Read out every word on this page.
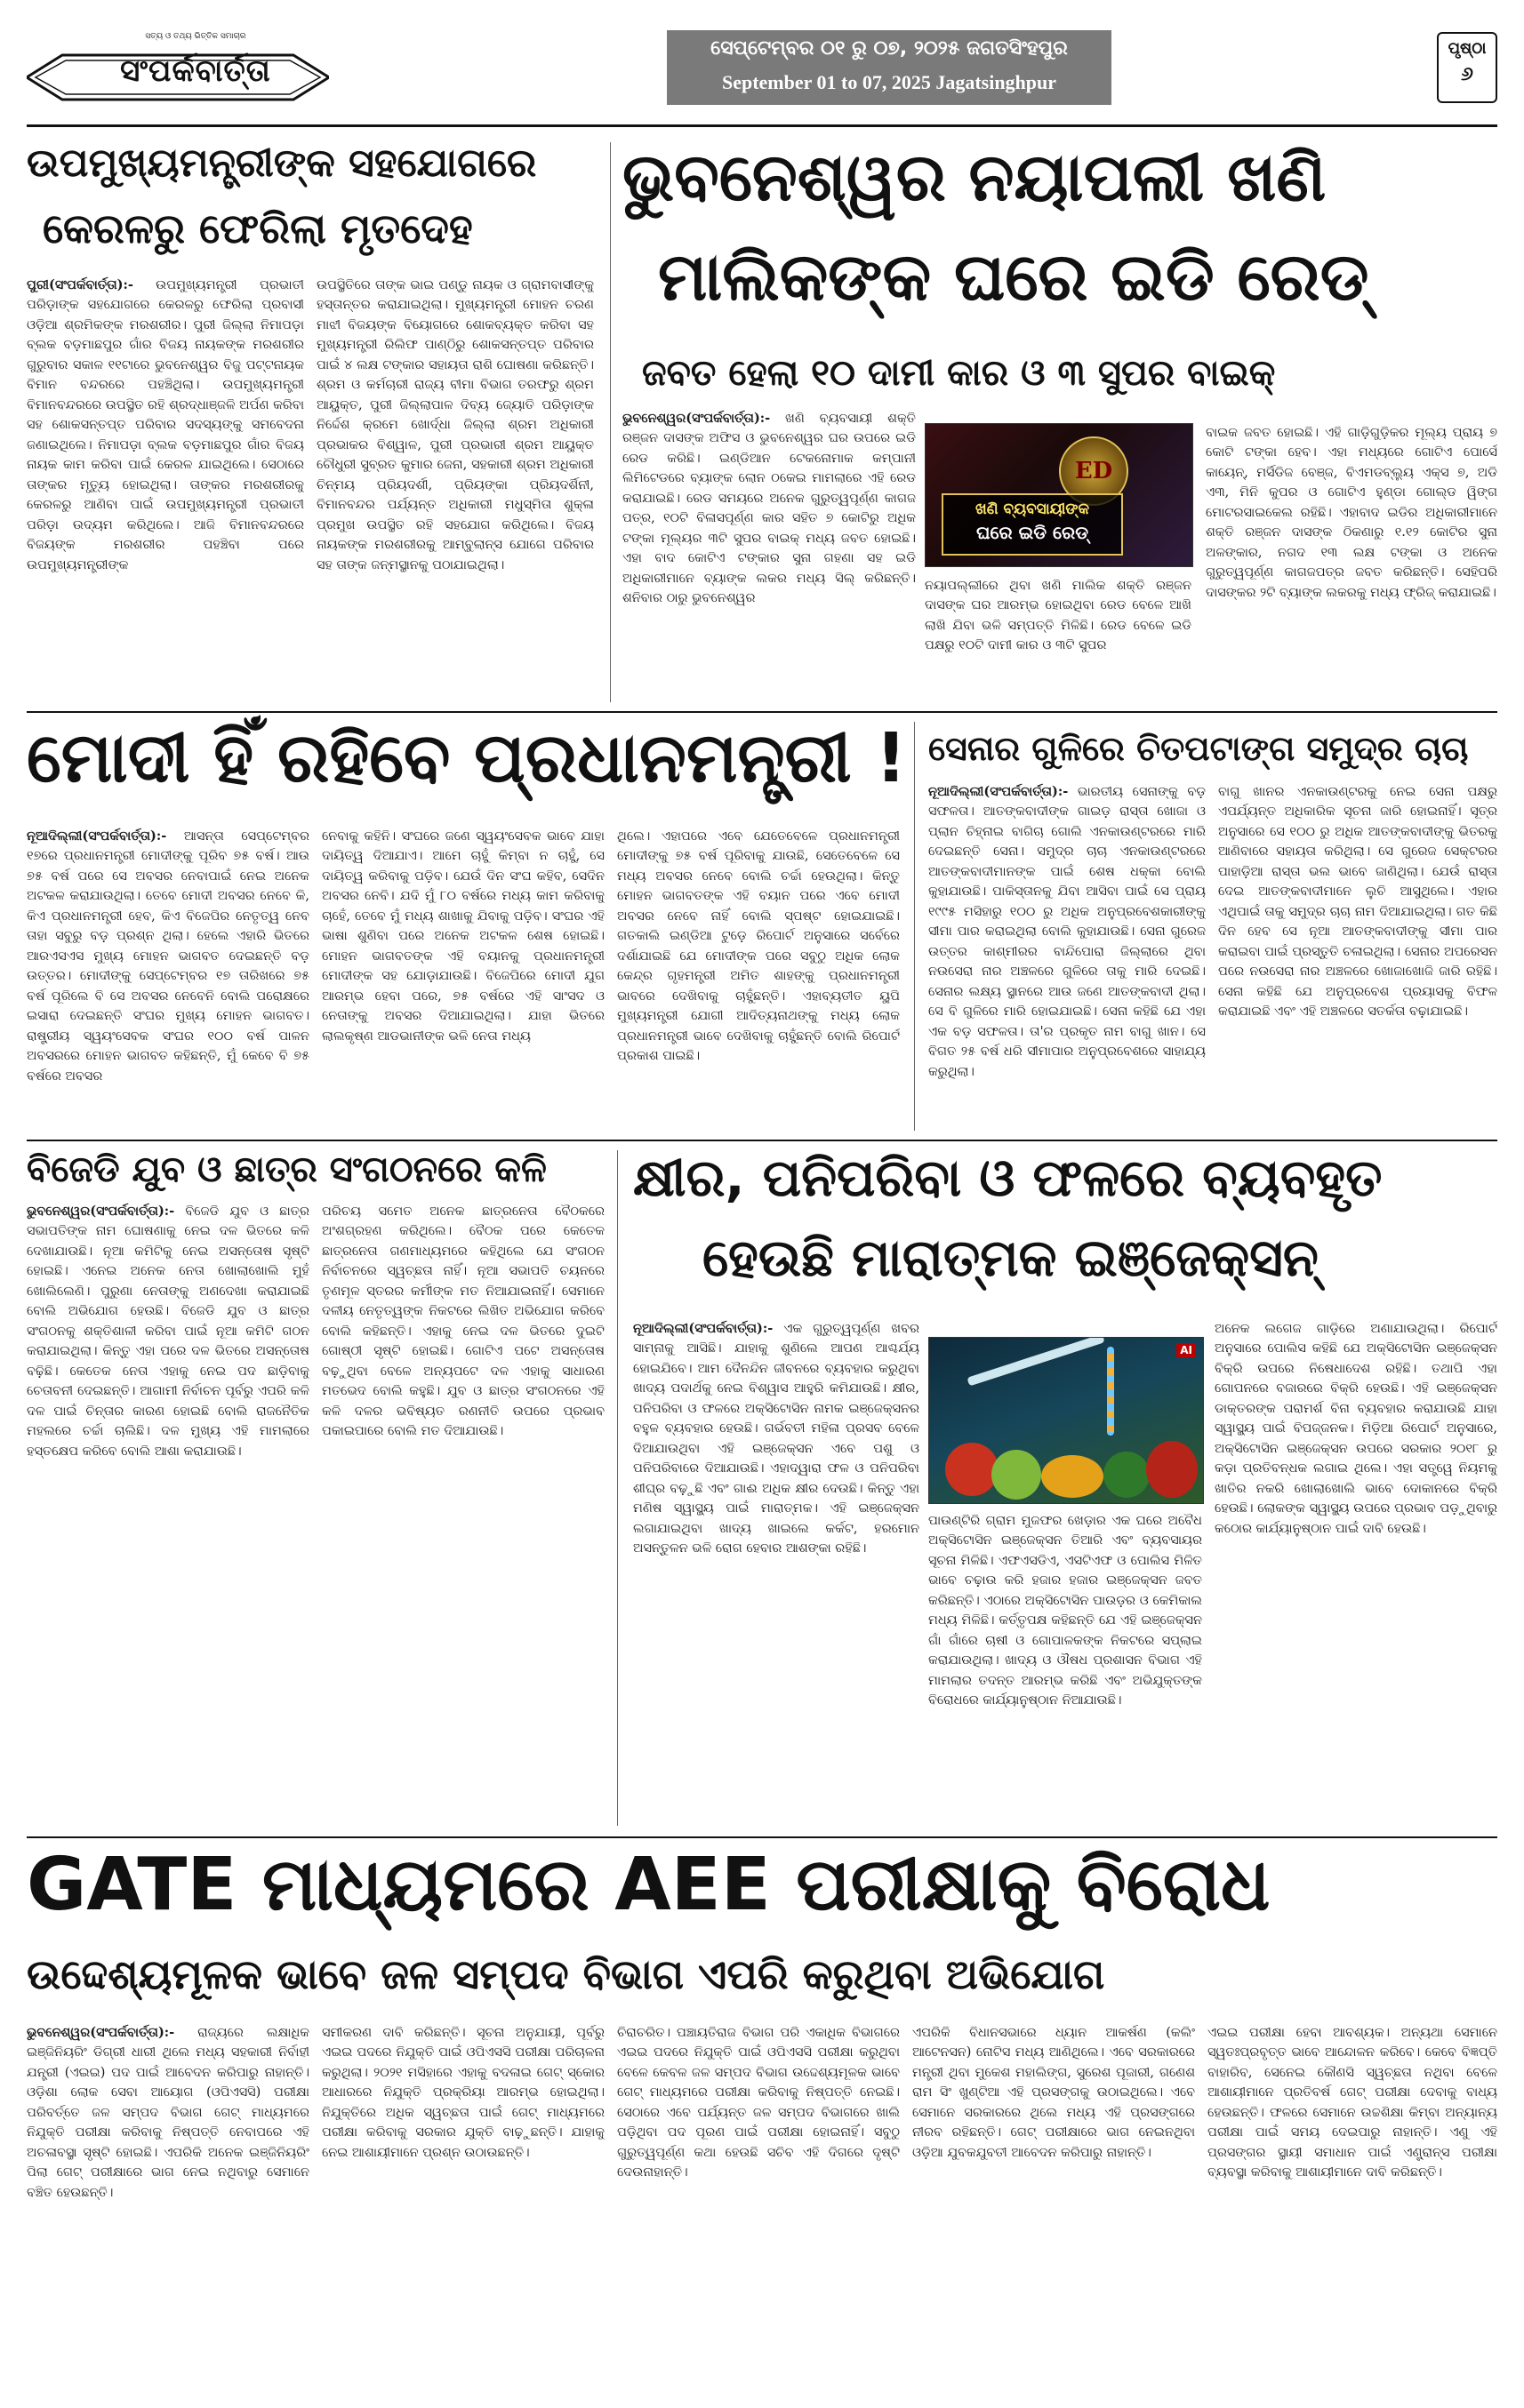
ସତ୍ୟ ଓ ତଥ୍ୟ ଭିତ୍ତିକ ସମାଚାର
ସଂପର୍କବାର୍ତ୍ତା
ସେପ୍ଟେମ୍ବର ୦୧ ରୁ ୦୭, ୨୦୨୫ ଜଗତସିଂହପୁର
September 01 to 07, 2025 Jagatsinghpur
ପୃଷ୍ଠା
୬
ଉପମୁଖ୍ୟମନ୍ତ୍ରୀଙ୍କ ସହଯୋଗରେ
କେରଳରୁ ଫେରିଲା ମୃତଦେହ
ପୁରୀ(ସଂପର୍କବାର୍ତ୍ତା):- ଉପମୁଖ୍ୟମନ୍ତ୍ରୀ ପ୍ରଭାତୀ ପରିଡ଼ାଙ୍କ ସହଯୋଗରେ କେରଳରୁ ଫେରିଲା ପ୍ରବାସୀ ଓଡ଼ିଆ ଶ୍ରମିକଙ୍କ ମରଶରୀର। ପୁରୀ ଜିଲ୍ଲା ନିମାପଡ଼ା ବ୍ଲକ ବଡ଼ମାଛପୁର ଗାଁର ବିଜୟ ନାୟକଙ୍କ ମରଶରୀର ଗୁରୁବାର ସକାଳ ୧୧ଟାରେ ଭୁବନେଶ୍ୱର ବିଜୁ ପଟ୍ଟନାୟକ ବିମାନ ବନ୍ଦରରେ ପହଞ୍ଚିଥିଲା। ଉପମୁଖ୍ୟମନ୍ତ୍ରୀ ବିମାନବନ୍ଦରରେ ଉପସ୍ଥିତ ରହି ଶ୍ରଦ୍ଧାଞ୍ଜଳି ଅର୍ପଣ କରିବା ସହ ଶୋକସନ୍ତପ୍ତ ପରିବାର ସଦସ୍ୟଙ୍କୁ ସମବେଦନା ଜଣାଇଥିଲେ। ନିମାପଡ଼ା ବ୍ଲକ ବଡ଼ମାଛପୁର ଗାଁର ବିଜୟ ନାୟକ କାମ କରିବା ପାଇଁ କେରଳ ଯାଇଥିଲେ। ସେଠାରେ ତାଙ୍କର ମୃତ୍ୟୁ ହୋଇଥିଲା। ତାଙ୍କର ମରଶରୀରକୁ କେରଳରୁ ଆଣିବା ପାଇଁ ଉପମୁଖ୍ୟମନ୍ତ୍ରୀ ପ୍ରଭାତୀ ପରିଡ଼ା ଉଦ୍ୟମ କରିଥିଲେ। ଆଜି ବିମାନବନ୍ଦରରେ ବିଜୟଙ୍କ ମରଶରୀର ପହଞ୍ଚିବା ପରେ ଉପମୁଖ୍ୟମନ୍ତ୍ରୀଙ୍କ
ଉପସ୍ଥିତିରେ ତାଙ୍କ ଭାଇ ପଣ୍ଡୁ ନାୟକ ଓ ଗ୍ରାମବାସୀଙ୍କୁ ହସ୍ତାନ୍ତର କରାଯାଇଥିଲା। ମୁଖ୍ୟମନ୍ତ୍ରୀ ମୋହନ ଚରଣ ମାଝୀ ବିଜୟଙ୍କ ବିୟୋଗରେ ଶୋକବ୍ୟକ୍ତ କରିବା ସହ ମୁଖ୍ୟମନ୍ତ୍ରୀ ରିଲିଫ ପାଣ୍ଠିରୁ ଶୋକସନ୍ତପ୍ତ ପରିବାର ପାଇଁ ୪ ଲକ୍ଷ ଟଙ୍କାର ସହାୟତା ରାଶି ଘୋଷଣା କରିଛନ୍ତି। ଶ୍ରମ ଓ କର୍ମଚାରୀ ରାଜ୍ୟ ବୀମା ବିଭାଗ ତରଫରୁ ଶ୍ରମ ଆୟୁକ୍ତ, ପୁରୀ ଜିଲ୍ଲାପାଳ ଦିବ୍ୟ ଜ୍ୟୋତି ପରିଡ଼ାଙ୍କ ନିର୍ଦ୍ଦେଶ କ୍ରମେ ଖୋର୍ଦ୍ଧା ଜିଲ୍ଲା ଶ୍ରମ ଅଧିକାରୀ ପ୍ରଭାକର ବିଶ୍ୱାଳ, ପୁରୀ ପ୍ରଭାରୀ ଶ୍ରମ ଆୟୁକ୍ତ ଚୌଧୁରୀ ସୁବ୍ରତ କୁମାର ଜେନା, ସହକାରୀ ଶ୍ରମ ଅଧିକାରୀ ଚିନ୍ମୟ ପ୍ରିୟଦର୍ଶୀ, ପ୍ରିୟଙ୍କା ପ୍ରିୟଦର୍ଶିନୀ, ବିମାନବନ୍ଦର ପର୍ଯ୍ୟନ୍ତ ଅଧିକାରୀ ମଧୁସ୍ମିତା ଶୁକ୍ଳା ପ୍ରମୁଖ ଉପସ୍ଥିତ ରହି ସହଯୋଗ କରିଥିଲେ। ବିଜୟ ନାୟକଙ୍କ ମରଶରୀରକୁ ଆମ୍ବୁଲାନ୍ସ ଯୋଗେ ପରିବାର ସହ ତାଙ୍କ ଜନ୍ମସ୍ଥାନକୁ ପଠାଯାଇଥିଲା।
ଭୁବନେଶ୍ୱର ନୟାପଲୀ ଖଣି
ମାଲିକଙ୍କ ଘରେ ଇଡି ରେଡ୍
ଜବତ ହେଲା ୧୦ ଦାମୀ କାର ଓ ୩ ସୁପର ବାଇକ୍
ଭୁବନେଶ୍ୱର(ସଂପର୍କବାର୍ତ୍ତା):- ଖଣି ବ୍ୟବସାୟୀ ଶକ୍ତି ରଞ୍ଜନ ଦାସଙ୍କ ଅଫିସ ଓ ଭୁବନେଶ୍ୱର ଘର ଉପରେ ଇଡି ରେଡ କରିଛି। ଇଣ୍ଡିଆନ ଟେକନୋମାକ କମ୍ପାନୀ ଲିମିଟେଡରେ ବ୍ୟାଙ୍କ ଲୋନ ଠକେଇ ମାମଲାରେ ଏହି ରେଡ କରାଯାଇଛି। ରେଡ ସମୟରେ ଅନେକ ଗୁରୁତ୍ୱପୂର୍ଣ୍ଣ କାଗଜ ପତ୍ର, ୧୦ଟି ବିଳାସପୂର୍ଣ୍ଣ କାର ସହିତ ୭ କୋଟିରୁ ଅଧିକ ଟଙ୍କା ମୂଲ୍ୟର ୩ଟି ସୁପର ବାଇକ୍ ମଧ୍ୟ ଜବତ ହୋଇଛି। ଏହା ବାଦ କୋଟିଏ ଟଙ୍କାର ସୁନା ଗହଣା ସହ ଇଡି ଅଧିକାରୀମାନେ ବ୍ୟାଙ୍କ ଲକର ମଧ୍ୟ ସିଲ୍ କରିଛନ୍ତି। ଶନିବାର ଠାରୁ ଭୁବନେଶ୍ୱର
ED
ଖଣି ବ୍ୟବସାୟୀଙ୍କ
ଘରେ ଇଡି ରେଡ୍
ନୟାପଲ୍ଲୀରେ ଥିବା ଖଣି ମାଲିକ ଶକ୍ତି ରଞ୍ଜନ ଦାସଙ୍କ ଘର ଆରମ୍ଭ ହୋଇଥିବା ରେଡ ବେଳେ ଆଖି ଲାଖି ଯିବା ଭଳି ସମ୍ପତ୍ତି ମିଳିଛି। ରେଡ ବେଳେ ଇଡି ପକ୍ଷରୁ ୧୦ଟି ଦାମୀ କାର ଓ ୩ଟି ସୁପର
ବାଇକ ଜବତ ହୋଇଛି। ଏହି ଗାଡ଼ିଗୁଡ଼ିକର ମୂଲ୍ୟ ପ୍ରାୟ ୭ କୋଟି ଟଙ୍କା ହେବ। ଏହା ମଧ୍ୟରେ ଗୋଟିଏ ପୋର୍ସେ କାୟେନ୍, ମର୍ସିଡିଜ ବେଞ୍ଜ, ବିଏମଡବ୍ଲ୍ୟୁ ଏକ୍ସ ୭, ଅଡି ଏ୩, ମିନି କୁପର ଓ ଗୋଟିଏ ହୁଣ୍ଡା ଗୋଲ୍ଡ ୱିଙ୍ଗ ମୋଟରସାଇକେଲ ରହିଛି। ଏହାବାଦ ଇଡିର ଅଧିକାରୀମାନେ ଶକ୍ତି ରଞ୍ଜନ ଦାସଙ୍କ ଠିକଣାରୁ ୧.୧୨ କୋଟିର ସୁନା ଅଳଙ୍କାର, ନଗଦ ୧୩ ଲକ୍ଷ ଟଙ୍କା ଓ ଅନେକ ଗୁରୁତ୍ୱପୂର୍ଣ୍ଣ କାଗଜପତ୍ର ଜବତ କରିଛନ୍ତି। ସେହିପରି ଦାସଙ୍କର ୨ଟି ବ୍ୟାଙ୍କ ଲକରକୁ ମଧ୍ୟ ଫ୍ରିଜ୍ କରାଯାଇଛି।
ମୋଦୀ ହିଁ ରହିବେ ପ୍ରଧାନମନ୍ତ୍ରୀ !
ନୂଆଦିଲ୍ଲୀ(ସଂପର୍କବାର୍ତ୍ତା):- ଆସନ୍ତା ସେପ୍ଟେମ୍ବର ୧୭ରେ ପ୍ରଧାନମନ୍ତ୍ରୀ ମୋଦୀଙ୍କୁ ପୂରିବ ୭୫ ବର୍ଷ। ଆଉ ୭୫ ବର୍ଷ ପରେ ସେ ଅବସର ନେବାପାଇଁ ନେଇ ଅନେକ ଅଟକଳ କରାଯାଉଥିଲା। ତେବେ ମୋଦୀ ଅବସର ନେବେ କି, କିଏ ପ୍ରଧାନମନ୍ତ୍ରୀ ହେବ, କିଏ ବିଜେପିର ନେତୃତ୍ୱ ନେବ ତାହା ସବୁରୁ ବଡ଼ ପ୍ରଶ୍ନ ଥିଲା। ହେଲେ ଏହାରି ଭିତରେ ଆରଏସଏସ ମୁଖ୍ୟ ମୋହନ ଭାଗବତ ଦେଇଛନ୍ତି ବଡ଼ ଉତ୍ତର। ମୋଦୀଙ୍କୁ ସେପ୍ଟେମ୍ବର ୧୭ ତାରିଖରେ ୭୫ ବର୍ଷ ପୂରିଲେ ବି ସେ ଅବସର ନେବେନି ବୋଲି ପରୋକ୍ଷରେ ଇସାରା ଦେଇଛନ୍ତି ସଂଘର ମୁଖ୍ୟ ମୋହନ ଭାଗବତ। ରାଷ୍ଟ୍ରୀୟ ସ୍ୱୟଂସେବକ ସଂଘର ୧୦୦ ବର୍ଷ ପାଳନ ଅବସରରେ ମୋହନ ଭାଗବତ କହିଛନ୍ତି, ମୁଁ କେବେ ବି ୭୫ ବର୍ଷରେ ଅବସର
ନେବାକୁ କହିନି। ସଂଘରେ ଜଣେ ସ୍ୱୟଂସେବକ ଭାବେ ଯାହା ଦାୟିତ୍ୱ ଦିଆଯାଏ। ଆମେ ଚାହୁଁ କିମ୍ବା ନ ଚାହୁଁ, ସେ ଦାୟିତ୍ୱ କରିବାକୁ ପଡ଼ିବ। ଯେଉଁ ଦିନ ସଂଘ କହିବ, ସେଦିନ ଅବସର ନେବି। ଯଦି ମୁଁ ୮୦ ବର୍ଷରେ ମଧ୍ୟ କାମ କରିବାକୁ ଚାହେଁ, ତେବେ ମୁଁ ମଧ୍ୟ ଶାଖାକୁ ଯିବାକୁ ପଡ଼ିବ। ସଂଘର ଏହି ଭାଷା ଶୁଣିବା ପରେ ଅନେକ ଅଟକଳ ଶେଷ ହୋଇଛି। ମୋହନ ଭାଗବତଙ୍କ ଏହି ବୟାନକୁ ପ୍ରଧାନମନ୍ତ୍ରୀ ମୋଦୀଙ୍କ ସହ ଯୋଡ଼ାଯାଉଛି। ବିଜେପିରେ ମୋଦୀ ଯୁଗ ଆରମ୍ଭ ହେବା ପରେ, ୭୫ ବର୍ଷରେ ଏହି ସାଂସଦ ଓ ନେତାଙ୍କୁ ଅବସର ଦିଆଯାଇଥିଲା। ଯାହା ଭିତରେ ଲାଲକୃଷ୍ଣ ଆଡଭାନୀଙ୍କ ଭଳି ନେତା ମଧ୍ୟ
ଥିଲେ। ଏହାପରେ ଏବେ ଯେତେବେଳେ ପ୍ରଧାନମନ୍ତ୍ରୀ ମୋଦୀଙ୍କୁ ୭୫ ବର୍ଷ ପୂରିବାକୁ ଯାଉଛି, ସେତେବେଳେ ସେ ମଧ୍ୟ ଅବସର ନେବେ ବୋଲି ଚର୍ଚ୍ଚା ହେଉଥିଲା। କିନ୍ତୁ ମୋହନ ଭାଗବତଙ୍କ ଏହି ବୟାନ ପରେ ଏବେ ମୋଦୀ ଅବସର ନେବେ ନାହିଁ ବୋଲି ସ୍ପଷ୍ଟ ହୋଇଯାଇଛି। ଗତକାଲି ଇଣ୍ଡିଆ ଟୁଡ଼େ ରିପୋର୍ଟ ଅନୁସାରେ ସର୍ବେରେ ଦର୍ଶାଯାଇଛି ଯେ ମୋଦୀଙ୍କ ପରେ ସବୁଠୁ ଅଧିକ ଲୋକ କେନ୍ଦ୍ର ଗୃହମନ୍ତ୍ରୀ ଅମିତ ଶାହଙ୍କୁ ପ୍ରଧାନମନ୍ତ୍ରୀ ଭାବରେ ଦେଖିବାକୁ ଚାହୁଁଛନ୍ତି। ଏହାବ୍ୟତୀତ ୟୁପି ମୁଖ୍ୟମନ୍ତ୍ରୀ ଯୋଗୀ ଆଦିତ୍ୟନାଥଙ୍କୁ ମଧ୍ୟ ଲୋକ ପ୍ରଧାନମନ୍ତ୍ରୀ ଭାବେ ଦେଖିବାକୁ ଚାହୁଁଛନ୍ତି ବୋଲି ରିପୋର୍ଟ ପ୍ରକାଶ ପାଇଛି।
ସେନାର ଗୁଳିରେ ଚିତପଟାଙ୍ଗ ସମୁଦ୍ର ଚାଚା
ନୂଆଦିଲ୍ଲୀ(ସଂପର୍କବାର୍ତ୍ତା):- ଭାରତୀୟ ସେନାଙ୍କୁ ବଡ଼ ସଫଳତା। ଆତଙ୍କବାଦୀଙ୍କ ଗାଇଡ଼ ରାସ୍ତା ଖୋଜା ଓ ପ୍ଲାନ ଚିହ୍ନାଇ ବାଗିଚା ଗୋଲି ଏନକାଉଣ୍ଟରରେ ମାରି ଦେଇଛନ୍ତି ସେନା। ସମୁଦ୍ର ଚାଚା ଏନକାଉଣ୍ଟରରେ ଆତଙ୍କବାଦୀମାନଙ୍କ ପାଇଁ ଶେଷ ଧକ୍କା ବୋଲି କୁହାଯାଉଛି। ପାକିସ୍ତାନକୁ ଯିବା ଆସିବା ପାଇଁ ସେ ପ୍ରାୟ ୧୯୯୫ ମସିହାରୁ ୧୦୦ ରୁ ଅଧିକ ଅନୁପ୍ରବେଶକାରୀଙ୍କୁ ସୀମା ପାର କରାଇଥିଲା ବୋଲି କୁହାଯାଉଛି। ସେନା ଗୁରେଜ ଉତ୍ତର କାଶ୍ମୀରର ବାନ୍ଦିପୋରା ଜିଲ୍ଲାରେ ଥିବା ନଉସେରା ନାର ଅଞ୍ଚଳରେ ଗୁଳିରେ ତାକୁ ମାରି ଦେଇଛି। ସେନାର ଲକ୍ଷ୍ୟ ସ୍ଥାନରେ ଆଉ ଜଣେ ଆତଙ୍କବାଦୀ ଥିଲା। ସେ ବି ଗୁଳିରେ ମାରି ହୋଇଯାଇଛି। ସେନା କହିଛି ଯେ ଏହା ଏକ ବଡ଼ ସଫଳତା। ତା'ର ପ୍ରକୃତ ନାମ ବାଗୁ ଖାନ। ସେ ବିଗତ ୨୫ ବର୍ଷ ଧରି ସୀମାପାର ଅନୁପ୍ରବେଶରେ ସାହାଯ୍ୟ କରୁଥିଲା।
ବାଗୁ ଖାନର ଏନକାଉଣ୍ଟରକୁ ନେଇ ସେନା ପକ୍ଷରୁ ଏପର୍ଯ୍ୟନ୍ତ ଅଧିକାରିକ ସୂଚନା ଜାରି ହୋଇନାହିଁ। ସୂତ୍ର ଅନୁସାରେ ସେ ୧୦୦ ରୁ ଅଧିକ ଆତଙ୍କବାଦୀଙ୍କୁ ଭିତରକୁ ଆଣିବାରେ ସହାୟତା କରିଥିଲା। ସେ ଗୁରେଜ ସେକ୍ଟରର ପାହାଡ଼ିଆ ରାସ୍ତା ଭଲ ଭାବେ ଜାଣିଥିଲା। ଯେଉଁ ରାସ୍ତା ଦେଇ ଆତଙ୍କବାଦୀମାନେ ଲୁଚି ଆସୁଥିଲେ। ଏହାର ଏଥିପାଇଁ ତାକୁ ସମୁଦ୍ର ଚାଚା ନାମ ଦିଆଯାଇଥିଲା। ଗତ କିଛି ଦିନ ହେବ ସେ ନୂଆ ଆତଙ୍କବାଦୀଙ୍କୁ ସୀମା ପାର କରାଇବା ପାଇଁ ପ୍ରସ୍ତୁତି ଚଳାଇଥିଲା। ସେନାର ଅପରେସନ ପରେ ନଉସେରା ନାର ଅଞ୍ଚଳରେ ଖୋଜାଖୋଜି ଜାରି ରହିଛି। ସେନା କହିଛି ଯେ ଅନୁପ୍ରବେଶ ପ୍ରୟାସକୁ ବିଫଳ କରାଯାଇଛି ଏବଂ ଏହି ଅଞ୍ଚଳରେ ସତର୍କତା ବଢ଼ାଯାଇଛି।
ବିଜେଡି ଯୁବ ଓ ଛାତ୍ର ସଂଗଠନରେ କଳି
ଭୁବନେଶ୍ୱର(ସଂପର୍କବାର୍ତ୍ତା):- ବିଜେଡି ଯୁବ ଓ ଛାତ୍ର ସଭାପତିଙ୍କ ନାମ ଘୋଷଣାକୁ ନେଇ ଦଳ ଭିତରେ କଳି ଦେଖାଯାଉଛି। ନୂଆ କମିଟିକୁ ନେଇ ଅସନ୍ତୋଷ ସୃଷ୍ଟି ହୋଇଛି। ଏନେଇ ଅନେକ ନେତା ଖୋଲାଖୋଲି ମୁହଁ ଖୋଲିଲେଣି। ପୁରୁଣା ନେତାଙ୍କୁ ଅଣଦେଖା କରାଯାଇଛି ବୋଲି ଅଭିଯୋଗ ହେଉଛି। ବିଜେଡି ଯୁବ ଓ ଛାତ୍ର ସଂଗଠନକୁ ଶକ୍ତିଶାଳୀ କରିବା ପାଇଁ ନୂଆ କମିଟି ଗଠନ କରାଯାଇଥିଲା। କିନ୍ତୁ ଏହା ପରେ ଦଳ ଭିତରେ ଅସନ୍ତୋଷ ବଢ଼ିଛି। କେତେକ ନେତା ଏହାକୁ ନେଇ ପଦ ଛାଡ଼ିବାକୁ ଚେତାବନୀ ଦେଇଛନ୍ତି। ଆଗାମୀ ନିର୍ବାଚନ ପୂର୍ବରୁ ଏପରି କଳି ଦଳ ପାଇଁ ଚିନ୍ତାର କାରଣ ହୋଇଛି ବୋଲି ରାଜନୈତିକ ମହଲରେ ଚର୍ଚ୍ଚା ଚାଲିଛି। ଦଳ ମୁଖ୍ୟ ଏହି ମାମଲାରେ ହସ୍ତକ୍ଷେପ କରିବେ ବୋଲି ଆଶା କରାଯାଉଛି।
ପରିଚୟ ସମେତ ଅନେକ ଛାତ୍ରନେତା ବୈଠକରେ ଅଂଶଗ୍ରହଣ କରିଥିଲେ। ବୈଠକ ପରେ କେତେକ ଛାତ୍ରନେତା ଗଣମାଧ୍ୟମରେ କହିଥିଲେ ଯେ ସଂଗଠନ ନିର୍ବାଚନରେ ସ୍ୱଚ୍ଛତା ନାହିଁ। ନୂଆ ସଭାପତି ଚୟନରେ ତୃଣମୂଳ ସ୍ତରର କର୍ମୀଙ୍କ ମତ ନିଆଯାଇନାହିଁ। ସେମାନେ ଦଳୀୟ ନେତୃତ୍ୱଙ୍କ ନିକଟରେ ଲିଖିତ ଅଭିଯୋଗ କରିବେ ବୋଲି କହିଛନ୍ତି। ଏହାକୁ ନେଇ ଦଳ ଭିତରେ ଦୁଇଟି ଗୋଷ୍ଠୀ ସୃଷ୍ଟି ହୋଇଛି। ଗୋଟିଏ ପଟେ ଅସନ୍ତୋଷ ବଢ଼ୁଥିବା ବେଳେ ଅନ୍ୟପଟେ ଦଳ ଏହାକୁ ସାଧାରଣ ମତଭେଦ ବୋଲି କହୁଛି। ଯୁବ ଓ ଛାତ୍ର ସଂଗଠନରେ ଏହି କଳି ଦଳର ଭବିଷ୍ୟତ ରଣନୀତି ଉପରେ ପ୍ରଭାବ ପକାଇପାରେ ବୋଲି ମତ ଦିଆଯାଉଛି।
କ୍ଷୀର, ପନିପରିବା ଓ ଫଳରେ ବ୍ୟବହୃତ
ହେଉଛି ମାରାତ୍ମକ ଇଞ୍ଜେକ୍ସନ୍
ନୂଆଦିଲ୍ଲୀ(ସଂପର୍କବାର୍ତ୍ତା):- ଏକ ଗୁରୁତ୍ୱପୂର୍ଣ୍ଣ ଖବର ସାମ୍ନାକୁ ଆସିଛି। ଯାହାକୁ ଶୁଣିଲେ ଆପଣ ଆଶ୍ଚର୍ଯ୍ୟ ହୋଇଯିବେ। ଆମ ଦୈନନ୍ଦିନ ଜୀବନରେ ବ୍ୟବହାର କରୁଥିବା ଖାଦ୍ୟ ପଦାର୍ଥକୁ ନେଇ ବିଶ୍ୱାସ ଆହୁରି କମିଯାଉଛି। କ୍ଷୀର, ପନିପରିବା ଓ ଫଳରେ ଅକ୍ସିଟୋସିନ ନାମକ ଇଞ୍ଜେକ୍ସନର ବହୁଳ ବ୍ୟବହାର ହେଉଛି। ଗର୍ଭବତୀ ମହିଳା ପ୍ରସବ ବେଳେ ଦିଆଯାଉଥିବା ଏହି ଇଞ୍ଜେକ୍ସନ ଏବେ ପଶୁ ଓ ପନିପରିବାରେ ଦିଆଯାଉଛି। ଏହାଦ୍ୱାରା ଫଳ ଓ ପନିପରିବା ଶୀଘ୍ର ବଢ଼ୁଛି ଏବଂ ଗାଈ ଅଧିକ କ୍ଷୀର ଦେଉଛି। କିନ୍ତୁ ଏହା ମଣିଷ ସ୍ୱାସ୍ଥ୍ୟ ପାଇଁ ମାରାତ୍ମକ। ଏହି ଇଞ୍ଜେକ୍ସନ ଲଗାଯାଇଥିବା ଖାଦ୍ୟ ଖାଇଲେ କର୍କଟ, ହରମୋନ ଅସନ୍ତୁଳନ ଭଳି ରୋଗ ହେବାର ଆଶଙ୍କା ରହିଛି।
AI
ପାଉଣ୍ଟିରି ଗ୍ରାମ ମୁଜଫର ଖେଡ଼ାର ଏକ ଘରେ ଅବୈଧ ଅକ୍ସିଟୋସିନ ଇଞ୍ଜେକ୍ସନ ତିଆରି ଏବଂ ବ୍ୟବସାୟର ସୂଚନା ମିଳିଛି। ଏଫଏସଡିଏ, ଏସଟିଏଫ ଓ ପୋଲିସ ମିଳିତ ଭାବେ ଚଢ଼ାଉ କରି ହଜାର ହଜାର ଇଞ୍ଜେକ୍ସନ ଜବତ କରିଛନ୍ତି। ଏଠାରେ ଅକ୍ସିଟୋସିନ ପାଉଡ଼ର ଓ କେମିକାଲ ମଧ୍ୟ ମିଳିଛି। କର୍ତ୍ତୃପକ୍ଷ କହିଛନ୍ତି ଯେ ଏହି ଇଞ୍ଜେକ୍ସନ ଗାଁ ଗାଁରେ ଚାଷୀ ଓ ଗୋପାଳକଙ୍କ ନିକଟରେ ସପ୍ଲାଇ କରାଯାଉଥିଲା। ଖାଦ୍ୟ ଓ ଔଷଧ ପ୍ରଶାସନ ବିଭାଗ ଏହି ମାମଲାର ତଦନ୍ତ ଆରମ୍ଭ କରିଛି ଏବଂ ଅଭିଯୁକ୍ତଙ୍କ ବିରୋଧରେ କାର୍ଯ୍ୟାନୁଷ୍ଠାନ ନିଆଯାଉଛି।
ଅନେକ ଲଗେଜ ଗାଡ଼ିରେ ଅଣାଯାଉଥିଲା। ରିପୋର୍ଟ ଅନୁସାରେ ପୋଲିସ କହିଛି ଯେ ଅକ୍ସିଟୋସିନ ଇଞ୍ଜେକ୍ସନ ବିକ୍ରି ଉପରେ ନିଷେଧାଦେଶ ରହିଛି। ତଥାପି ଏହା ଗୋପନରେ ବଜାରରେ ବିକ୍ରି ହେଉଛି। ଏହି ଇଞ୍ଜେକ୍ସନ ଡାକ୍ତରଙ୍କ ପରାମର୍ଶ ବିନା ବ୍ୟବହାର କରାଯାଉଛି ଯାହା ସ୍ୱାସ୍ଥ୍ୟ ପାଇଁ ବିପଜ୍ଜନକ। ମିଡ଼ିଆ ରିପୋର୍ଟ ଅନୁସାରେ, ଅକ୍ସିଟୋସିନ ଇଞ୍ଜେକ୍ସନ ଉପରେ ସରକାର ୨୦୧୮ ରୁ କଡ଼ା ପ୍ରତିବନ୍ଧକ ଲଗାଇ ଥିଲେ। ଏହା ସତ୍ତ୍ୱେ ନିୟମକୁ ଖାତିର ନକରି ଖୋଲାଖୋଲି ଭାବେ ଦୋକାନରେ ବିକ୍ରି ହେଉଛି। ଲୋକଙ୍କ ସ୍ୱାସ୍ଥ୍ୟ ଉପରେ ପ୍ରଭାବ ପଡ଼ୁଥିବାରୁ କଠୋର କାର୍ଯ୍ୟାନୁଷ୍ଠାନ ପାଇଁ ଦାବି ହେଉଛି।
GATE ମାଧ୍ୟମରେ AEE ପରୀକ୍ଷାକୁ ବିରୋଧ
ଉଦ୍ଦେଶ୍ୟମୂଳକ ଭାବେ ଜଳ ସମ୍ପଦ ବିଭାଗ ଏପରି କରୁଥିବା ଅଭିଯୋଗ
ଭୁବନେଶ୍ୱର(ସଂପର୍କବାର୍ତ୍ତା):- ରାଜ୍ୟରେ ଲକ୍ଷାଧିକ ଇଞ୍ଜିନିୟରିଂ ଡିଗ୍ରୀ ଧାରୀ ଥିଲେ ମଧ୍ୟ ସହକାରୀ ନିର୍ବାହୀ ଯନ୍ତ୍ରୀ (ଏଇଇ) ପଦ ପାଇଁ ଆବେଦନ କରିପାରୁ ନାହାନ୍ତି। ଓଡ଼ିଶା ଲୋକ ସେବା ଆୟୋଗ (ଓପିଏସସି) ପରୀକ୍ଷା ପରିବର୍ତ୍ତେ ଜଳ ସମ୍ପଦ ବିଭାଗ ଗେଟ୍ ମାଧ୍ୟମରେ ନିଯୁକ୍ତି ପରୀକ୍ଷା କରିବାକୁ ନିଷ୍ପତ୍ତି ନେବାପରେ ଏହି ଅଚଳାବସ୍ଥା ସୃଷ୍ଟି ହୋଇଛି। ଏପରିକି ଅନେକ ଇଞ୍ଜିନିୟରିଂ ପିଲା ଗେଟ୍ ପରୀକ୍ଷାରେ ଭାଗ ନେଇ ନଥିବାରୁ ସେମାନେ ବଞ୍ଚିତ ହେଉଛନ୍ତି।
ସମୀକରଣ ଦାବି କରିଛନ୍ତି। ସୂଚନା ଅନୁଯାୟୀ, ପୂର୍ବରୁ ଏଇଇ ପଦରେ ନିଯୁକ୍ତି ପାଇଁ ଓପିଏସସି ପରୀକ୍ଷା ପରିଚାଳନା କରୁଥିଲା। ୨୦୨୧ ମସିହାରେ ଏହାକୁ ବଦଳାଇ ଗେଟ୍ ସ୍କୋର ଆଧାରରେ ନିଯୁକ୍ତି ପ୍ରକ୍ରିୟା ଆରମ୍ଭ ହୋଇଥିଲା। ନିଯୁକ୍ତିରେ ଅଧିକ ସ୍ୱଚ୍ଛତା ପାଇଁ ଗେଟ୍ ମାଧ୍ୟମରେ ପରୀକ୍ଷା କରିବାକୁ ସରକାର ଯୁକ୍ତି ବାଢ଼ୁଛନ୍ତି। ଯାହାକୁ ନେଇ ଆଶାୟୀମାନେ ପ୍ରଶ୍ନ ଉଠାଉଛନ୍ତି।
ଚିରାଚରିତ। ପଞ୍ଚାୟତିରାଜ ବିଭାଗ ପରି ଏକାଧିକ ବିଭାଗରେ ଏଇଇ ପଦରେ ନିଯୁକ୍ତି ପାଇଁ ଓପିଏସସି ପରୀକ୍ଷା କରୁଥିବା ବେଳେ କେବଳ ଜଳ ସମ୍ପଦ ବିଭାଗ ଉଦ୍ଦେଶ୍ୟମୂଳକ ଭାବେ ଗେଟ୍ ମାଧ୍ୟମରେ ପରୀକ୍ଷା କରିବାକୁ ନିଷ୍ପତ୍ତି ନେଇଛି। ସେଠାରେ ଏବେ ପର୍ଯ୍ୟନ୍ତ ଜଳ ସମ୍ପଦ ବିଭାଗରେ ଖାଲି ପଡ଼ିଥିବା ପଦ ପୂରଣ ପାଇଁ ପରୀକ୍ଷା ହୋଇନାହିଁ। ସବୁଠୁ ଗୁରୁତ୍ୱପୂର୍ଣ୍ଣ କଥା ହେଉଛି ସଚିବ ଏହି ଦିଗରେ ଦୃଷ୍ଟି ଦେଉନାହାନ୍ତି।
ଏପରିକି ବିଧାନସଭାରେ ଧ୍ୟାନ ଆକର୍ଷଣ (କଲିଂ ଆଟେନସନ) ନୋଟିସ ମଧ୍ୟ ଆଣିଥିଲେ। ଏବେ ସରକାରରେ ମନ୍ତ୍ରୀ ଥିବା ମୁକେଶ ମହାଲିଙ୍ଗ, ସୁରେଶ ପୂଜାରୀ, ଗଣେଶ ରାମ ସିଂ ଖୁଣ୍ଟିଆ ଏହି ପ୍ରସଙ୍ଗକୁ ଉଠାଇଥିଲେ। ଏବେ ସେମାନେ ସରକାରରେ ଥିଲେ ମଧ୍ୟ ଏହି ପ୍ରସଙ୍ଗରେ ନୀରବ ରହିଛନ୍ତି। ଗେଟ୍ ପରୀକ୍ଷାରେ ଭାଗ ନେଇନଥିବା ଓଡ଼ିଆ ଯୁବକଯୁବତୀ ଆବେଦନ କରିପାରୁ ନାହାନ୍ତି।
ଏଇଇ ପରୀକ୍ଷା ହେବା ଆବଶ୍ୟକ। ଅନ୍ୟଥା ସେମାନେ ସ୍ୱତଃପ୍ରବୃତ୍ତ ଭାବେ ଆନ୍ଦୋଳନ କରିବେ। କେବେ ବିଜ୍ଞପ୍ତି ବାହାରିବ, ସେନେଇ କୌଣସି ସ୍ୱଚ୍ଛତା ନଥିବା ବେଳେ ଆଶାୟୀମାନେ ପ୍ରତିବର୍ଷ ଗେଟ୍ ପରୀକ୍ଷା ଦେବାକୁ ବାଧ୍ୟ ହେଉଛନ୍ତି। ଫଳରେ ସେମାନେ ଉଚ୍ଚଶିକ୍ଷା କିମ୍ବା ଅନ୍ୟାନ୍ୟ ପରୀକ୍ଷା ପାଇଁ ସମୟ ଦେଇପାରୁ ନାହାନ୍ତି। ଏଣୁ ଏହି ପ୍ରସଙ୍ଗର ସ୍ଥାୟୀ ସମାଧାନ ପାଇଁ ଏଣ୍ଟ୍ରାନ୍ସ ପରୀକ୍ଷା ବ୍ୟବସ୍ଥା କରିବାକୁ ଆଶାୟୀମାନେ ଦାବି କରିଛନ୍ତି।
